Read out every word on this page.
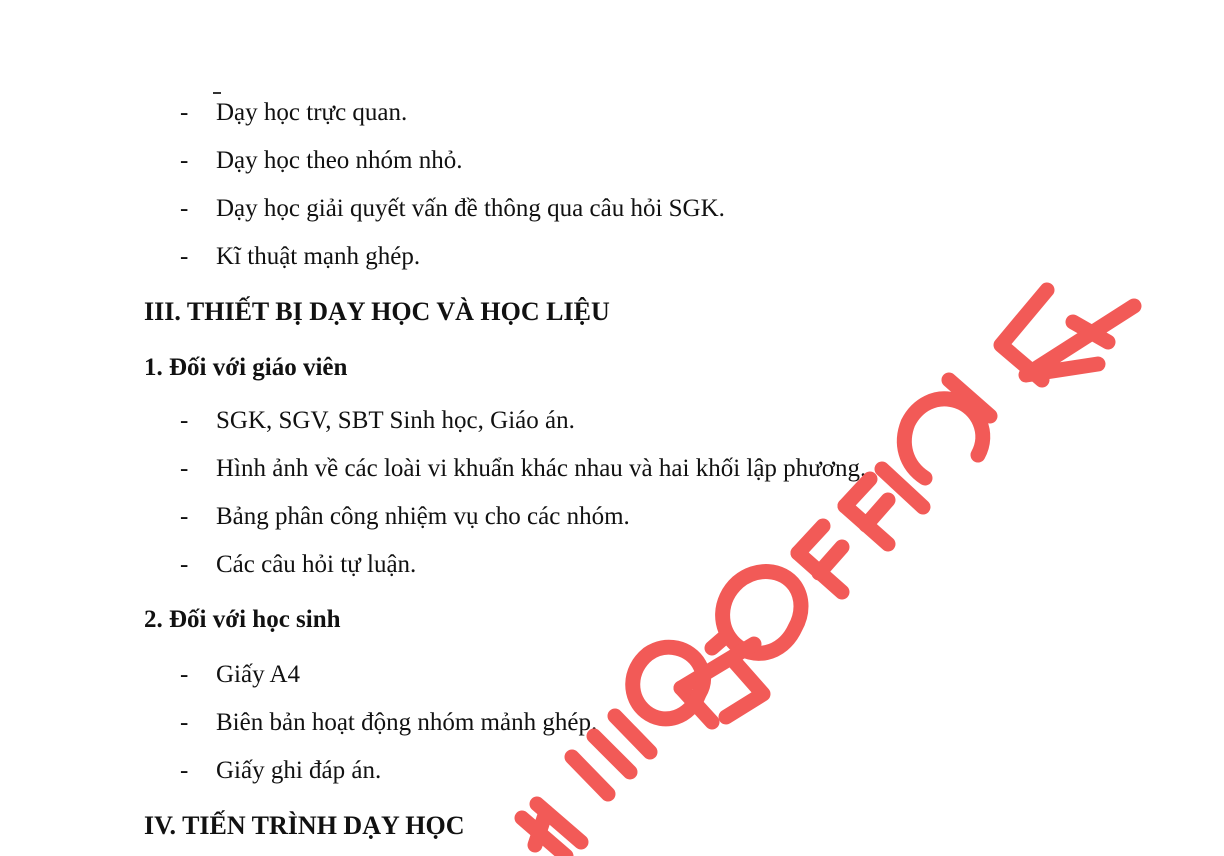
- Dạy học trực quan.
- Dạy học theo nhóm nhỏ.
- Dạy học giải quyết vấn đề thông qua câu hỏi SGK.
- Kĩ thuật mạnh ghép.
III. THIẾT BỊ DẠY HỌC VÀ HỌC LIỆU
1. Đối với giáo viên
- SGK, SGV, SBT Sinh học, Giáo án.
- Hình ảnh về các loài vi khuẩn khác nhau và hai khối lập phương.
- Bảng phân công nhiệm vụ cho các nhóm.
- Các câu hỏi tự luận.
2. Đối với học sinh
- Giấy A4
- Biên bản hoạt động nhóm mảnh ghép.
- Giấy ghi đáp án.
IV. TIẾN TRÌNH DẠY HỌC
